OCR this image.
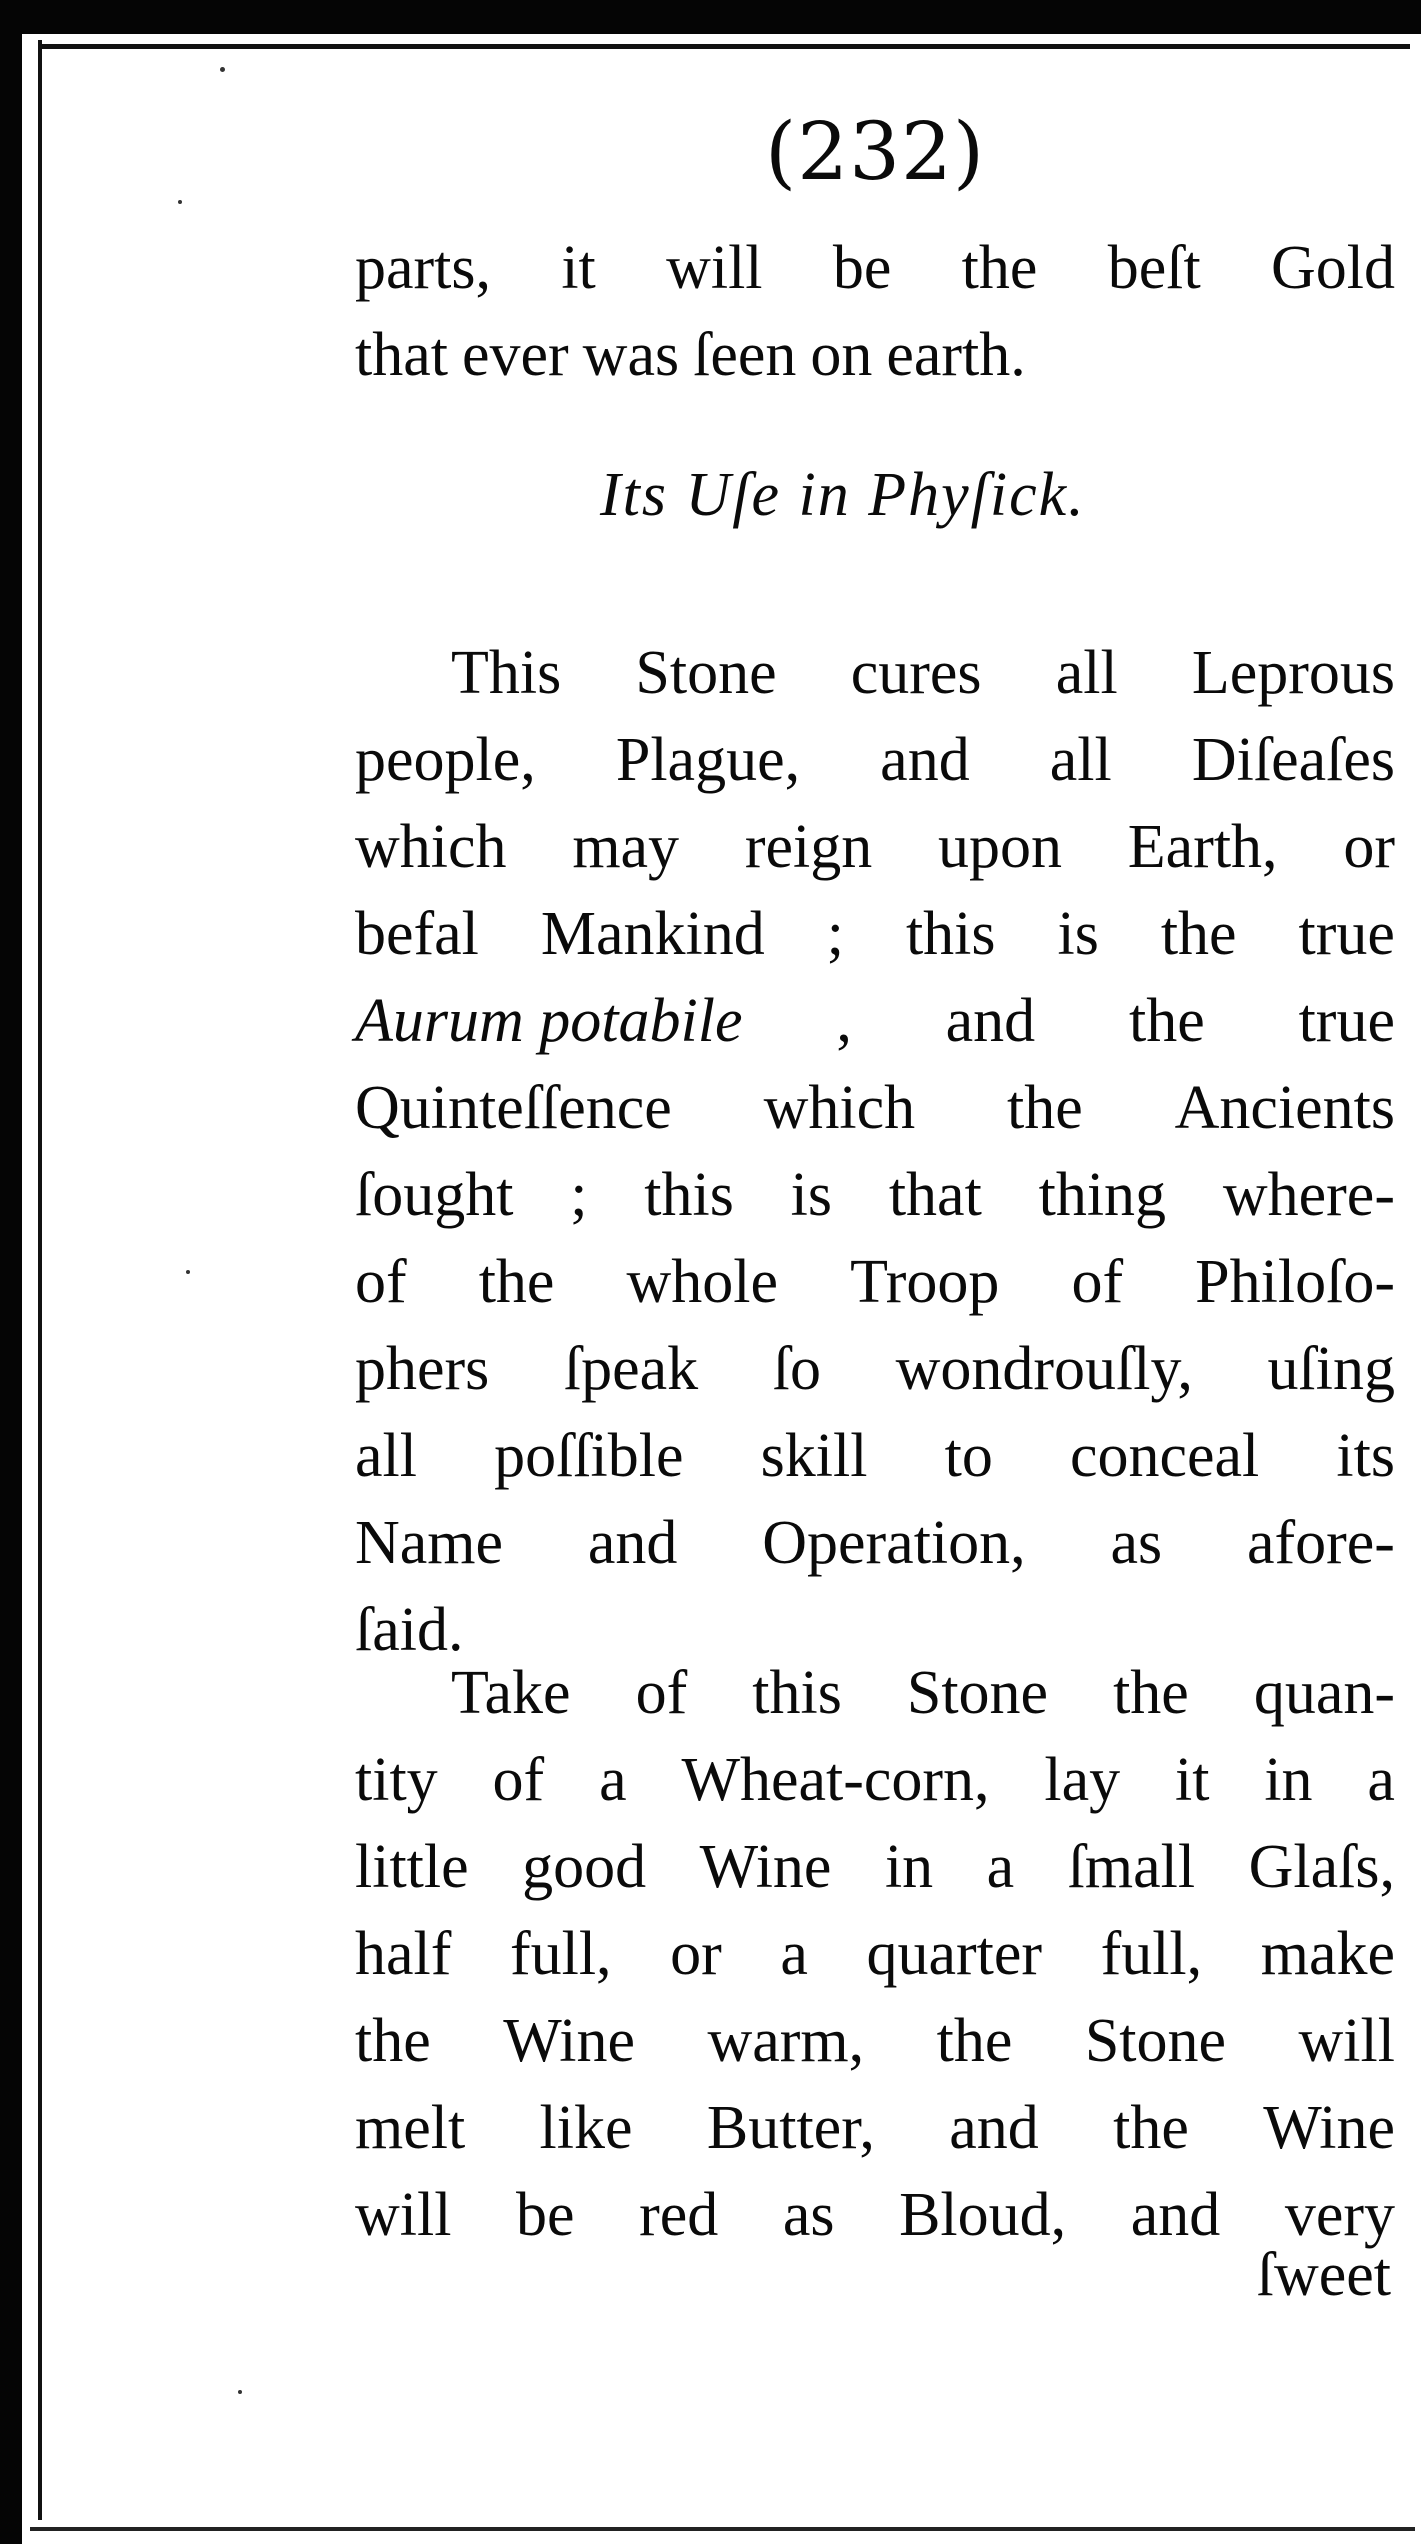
(232)
parts, it will be the beſt Gold
that ever was ſeen on earth.
Its Uſe in Phyſick.
This Stone cures all Leprous
people, Plague, and all Diſeaſes
which may reign upon Earth, or
befal Mankind ; this is the true
Aurum potabile , and the true
Quinteſſence which the Ancients
ſought ; this is that thing where-
of the whole Troop of Philoſo-
phers ſpeak ſo wondrouſly, uſing
all poſſible skill to conceal its
Name and Operation, as afore-
ſaid.
Take of this Stone the quan-
tity of a Wheat-corn, lay it in a
little good Wine in a ſmall Glaſs,
half full, or a quarter full, make
the Wine warm, the Stone will
melt like Butter, and the Wine
will be red as Bloud, and very
ſweet
